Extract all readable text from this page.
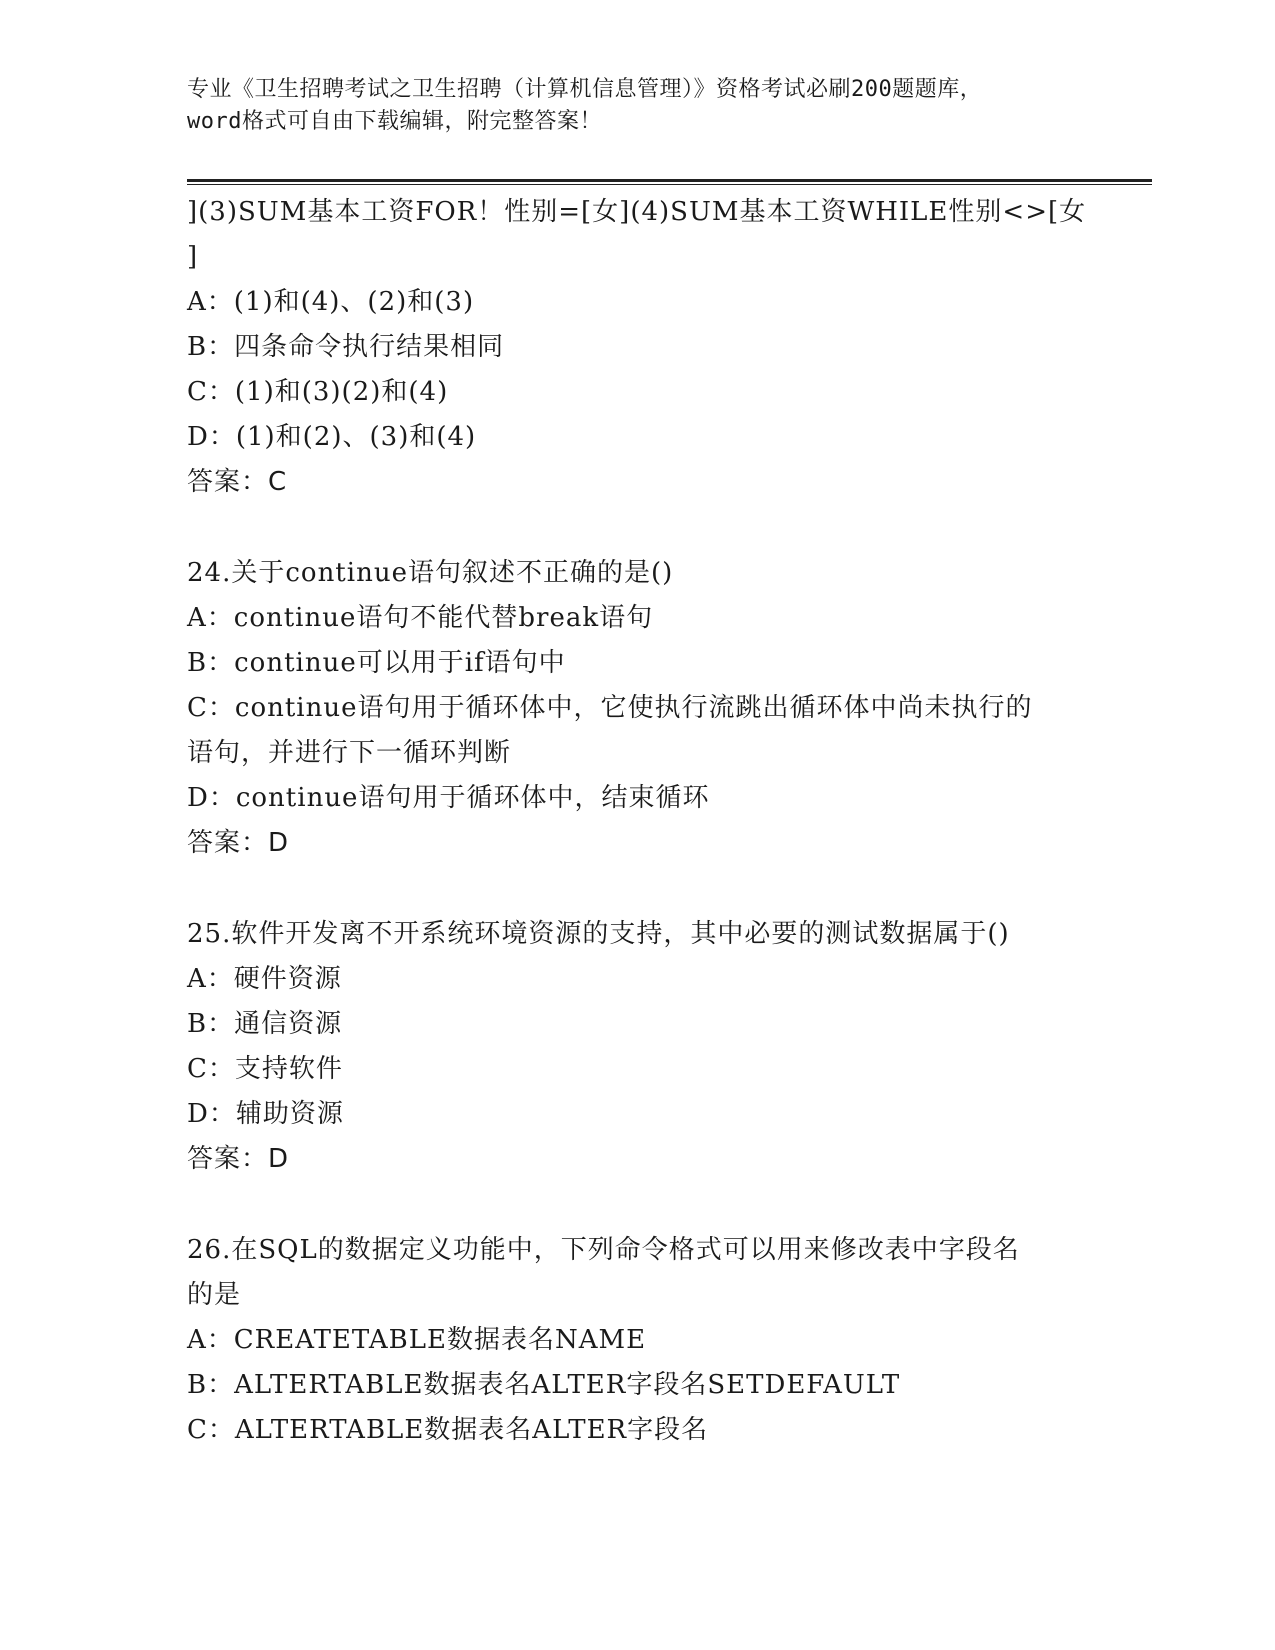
专业《卫生招聘考试之卫生招聘（计算机信息管理）》资格考试必刷200题题库，
word格式可自由下载编辑，附完整答案！
](3)SUM基本工资FOR！性别=[女](4)SUM基本工资WHILE性别<>[女
]
A：(1)和(4)、(2)和(3)
B：四条命令执行结果相同
C：(1)和(3)(2)和(4)
D：(1)和(2)、(3)和(4)
答案：C
24.关于continue语句叙述不正确的是()
A：continue语句不能代替break语句
B：continue可以用于if语句中
C：continue语句用于循环体中，它使执行流跳出循环体中尚未执行的
语句，并进行下一循环判断
D：continue语句用于循环体中，结束循环
答案：D
25.软件开发离不开系统环境资源的支持，其中必要的测试数据属于()
A：硬件资源
B：通信资源
C：支持软件
D：辅助资源
答案：D
26.在SQL的数据定义功能中，下列命令格式可以用来修改表中字段名
的是
A：CREATETABLE数据表名NAME
B：ALTERTABLE数据表名ALTER字段名SETDEFAULT
C：ALTERTABLE数据表名ALTER字段名
